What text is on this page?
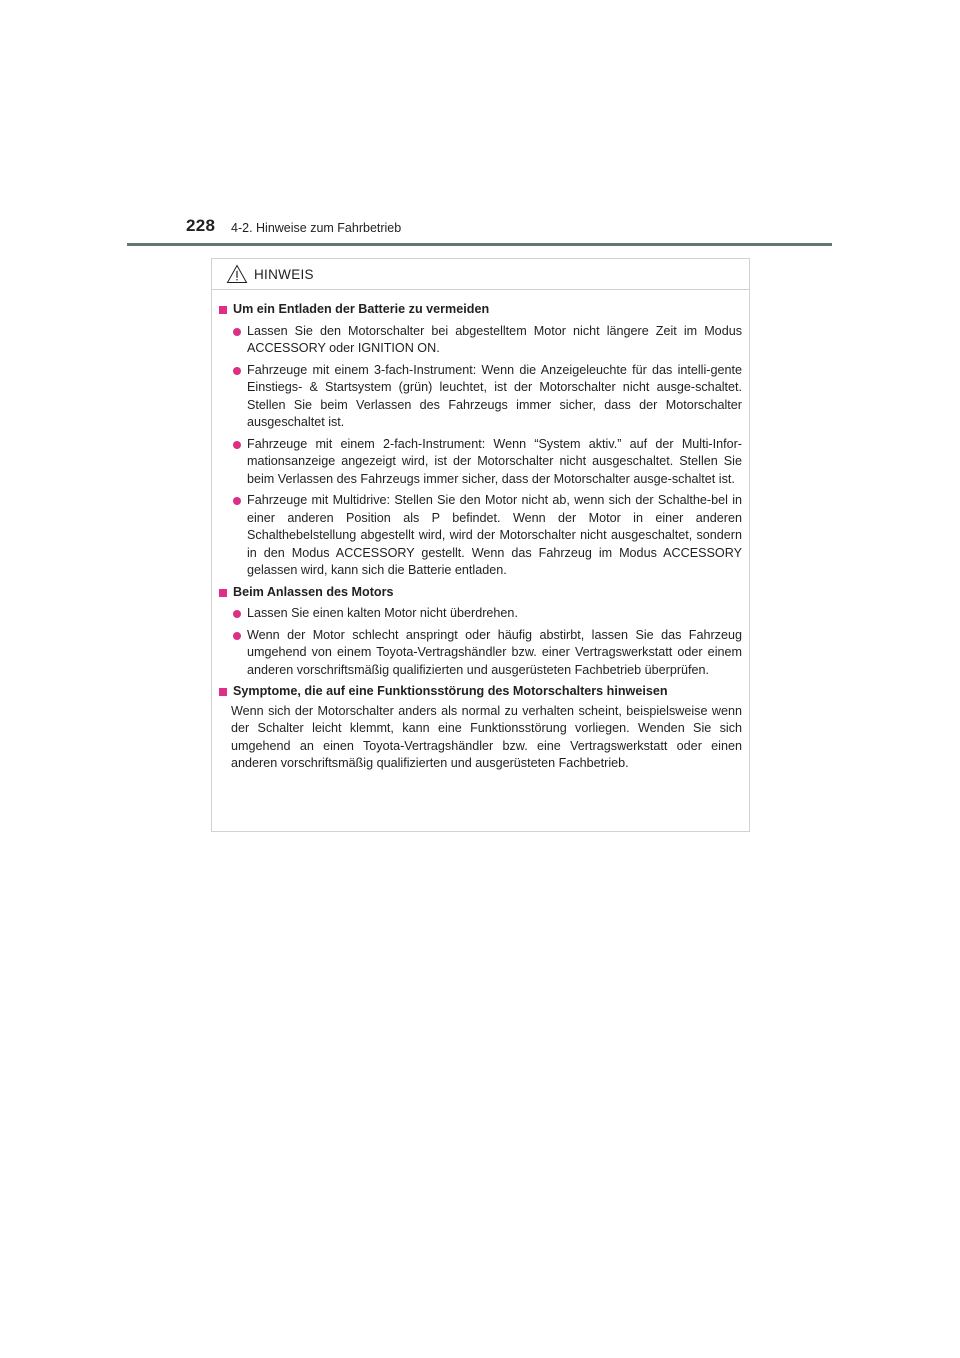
228 4-2. Hinweise zum Fahrbetrieb
HINWEIS
Um ein Entladen der Batterie zu vermeiden
Lassen Sie den Motorschalter bei abgestelltem Motor nicht längere Zeit im Modus ACCESSORY oder IGNITION ON.
Fahrzeuge mit einem 3-fach-Instrument: Wenn die Anzeigeleuchte für das intelli-gente Einstiegs- & Startsystem (grün) leuchtet, ist der Motorschalter nicht ausge-schaltet. Stellen Sie beim Verlassen des Fahrzeugs immer sicher, dass der Motorschalter ausgeschaltet ist.
Fahrzeuge mit einem 2-fach-Instrument: Wenn “System aktiv.” auf der Multi-Infor-mationsanzeige angezeigt wird, ist der Motorschalter nicht ausgeschaltet. Stellen Sie beim Verlassen des Fahrzeugs immer sicher, dass der Motorschalter ausge-schaltet ist.
Fahrzeuge mit Multidrive: Stellen Sie den Motor nicht ab, wenn sich der Schalthe-bel in einer anderen Position als P befindet. Wenn der Motor in einer anderen Schalthebelstellung abgestellt wird, wird der Motorschalter nicht ausgeschaltet, sondern in den Modus ACCESSORY gestellt. Wenn das Fahrzeug im Modus ACCESSORY gelassen wird, kann sich die Batterie entladen.
Beim Anlassen des Motors
Lassen Sie einen kalten Motor nicht überdrehen.
Wenn der Motor schlecht anspringt oder häufig abstirbt, lassen Sie das Fahrzeug umgehend von einem Toyota-Vertragshändler bzw. einer Vertragswerkstatt oder einem anderen vorschriftsmäßig qualifizierten und ausgerüsteten Fachbetrieb überprüfen.
Symptome, die auf eine Funktionsstörung des Motorschalters hinweisen
Wenn sich der Motorschalter anders als normal zu verhalten scheint, beispielsweise wenn der Schalter leicht klemmt, kann eine Funktionsstörung vorliegen. Wenden Sie sich umgehend an einen Toyota-Vertragshändler bzw. eine Vertragswerkstatt oder einen anderen vorschriftsmäßig qualifizierten und ausgerüsteten Fachbetrieb.
